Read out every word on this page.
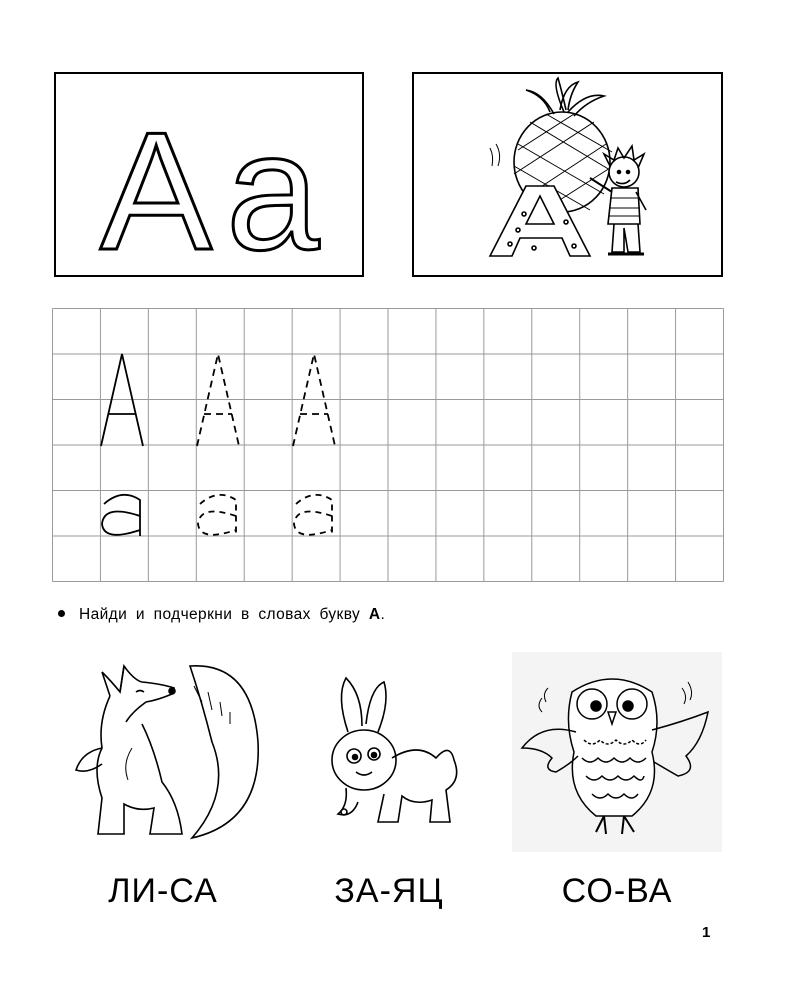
A a
Найди и подчеркни в словах букву А.
ЛИ-СА	ЗА-ЯЦ	СО-ВА
1
